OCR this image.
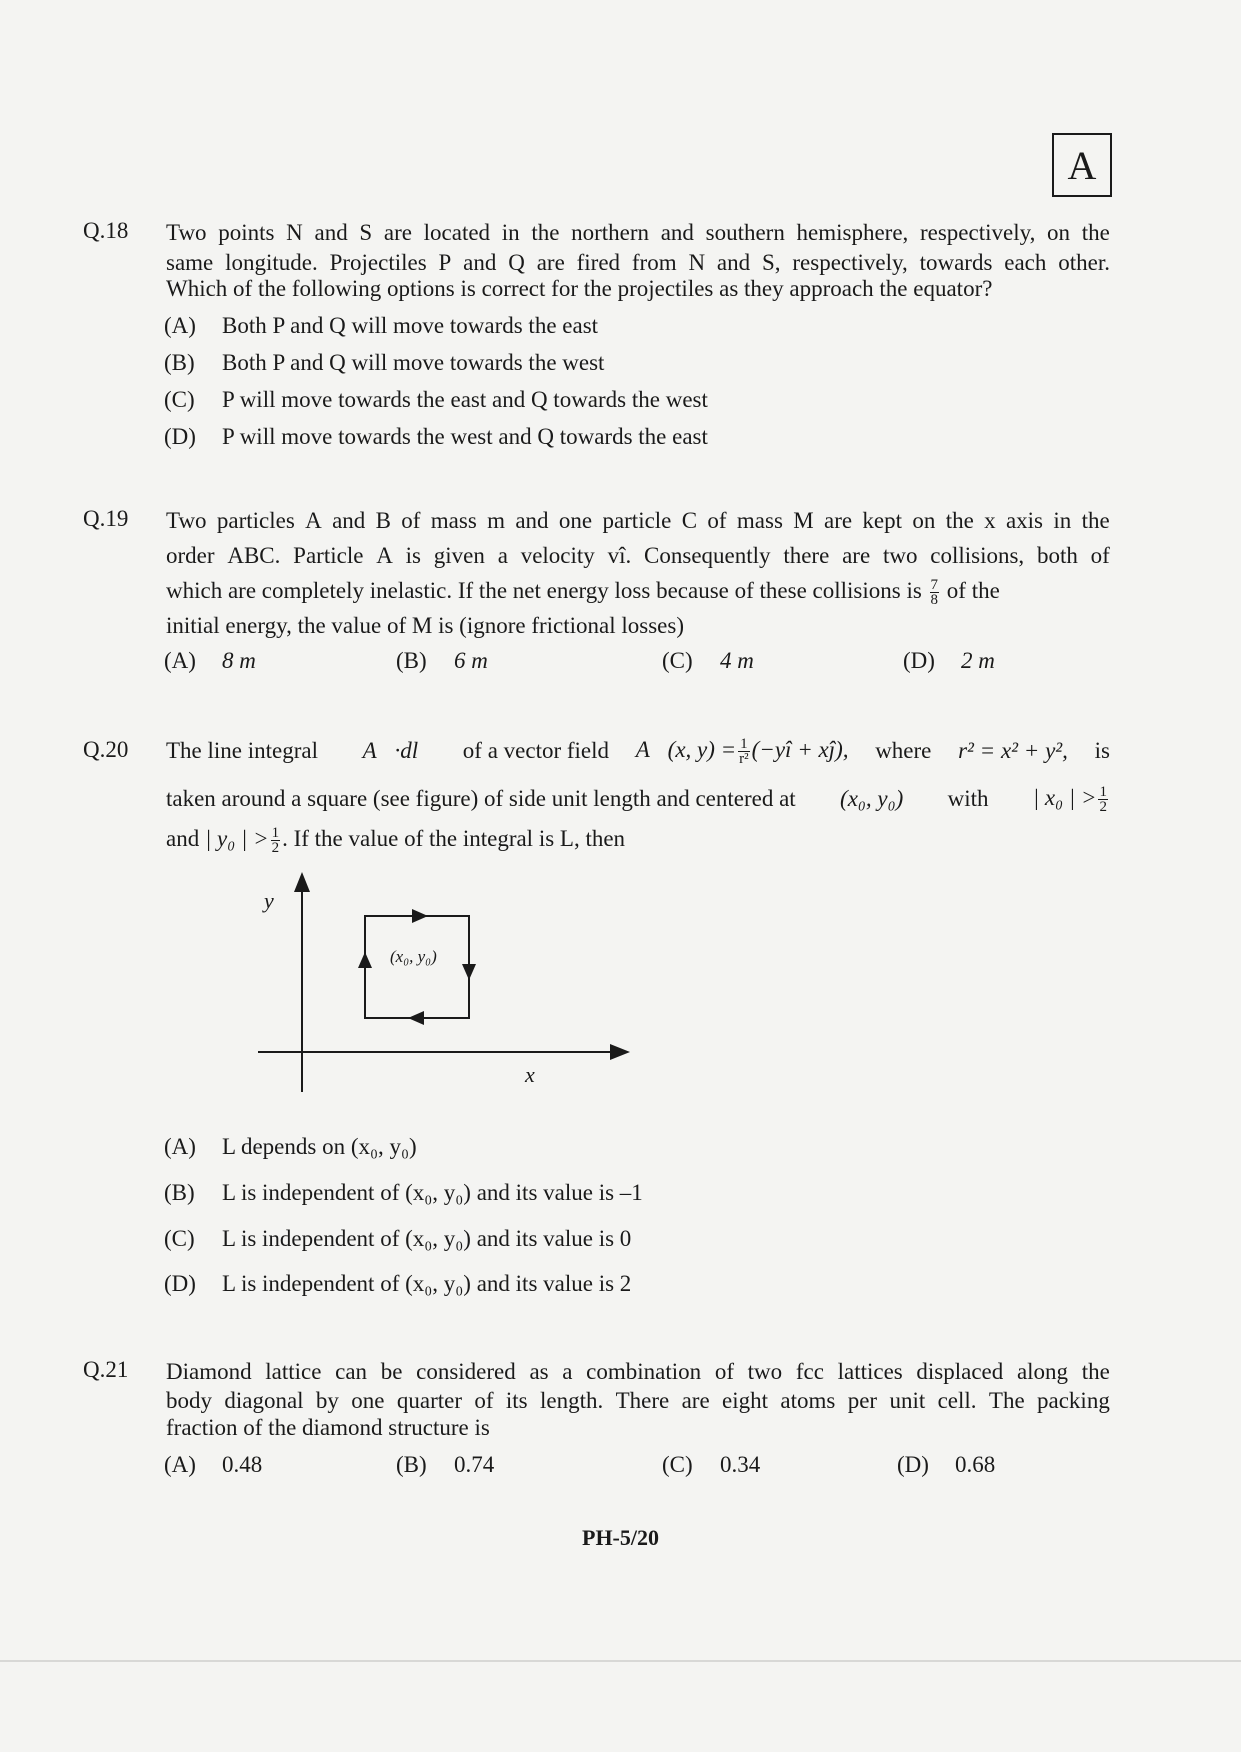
A
Q.18 Two points N and S are located in the northern and southern hemisphere, respectively, on the
same longitude. Projectiles P and Q are fired from N and S, respectively, towards each other.
Which of the following options is correct for the projectiles as they approach the equator?
(A) Both P and Q will move towards the east
(B) Both P and Q will move towards the west
(C) P will move towards the east and Q towards the west
(D) P will move towards the west and Q towards the east
Q.19 Two particles A and B of mass m and one particle C of mass M are kept on the x axis in the
order ABC. Particle A is given a velocity vî. Consequently there are two collisions, both of
which are completely inelastic. If the net energy loss because of these collisions is $\frac{7}{8}$ of the
initial energy, the value of M is (ignore frictional losses)
(A) 8 m	(B) 6 m	(C) 4 m	(D) 2 m
Q.20 The line integral ∮A⃗·dl⃗ of a vector field A⃗(x, $y) = \frac{1}{\text{r²}}$ (−yî + xĵ), where r² = x² + y², is
taken around a square (see figure) of side unit length and centered at (x₀, y₀) with | x₀ | > $\frac{1}{2}$
and | y₀ | > $\frac{1}{2}$ . If the value of the integral is L, then
y
x
(x₀, y₀)
(A) L depends on (x₀, y₀)
(B) L is independent of (x₀, y₀) and its value is –1
(C) L is independent of (x₀, y₀) and its value is 0
(D) L is independent of (x₀, y₀) and its value is 2
Q.21 Diamond lattice can be considered as a combination of two fcc lattices displaced along the
body diagonal by one quarter of its length. There are eight atoms per unit cell. The packing
fraction of the diamond structure is
(A) 0.48	(B) 0.74	(C) 0.34	(D) 0.68
PH-5/20
